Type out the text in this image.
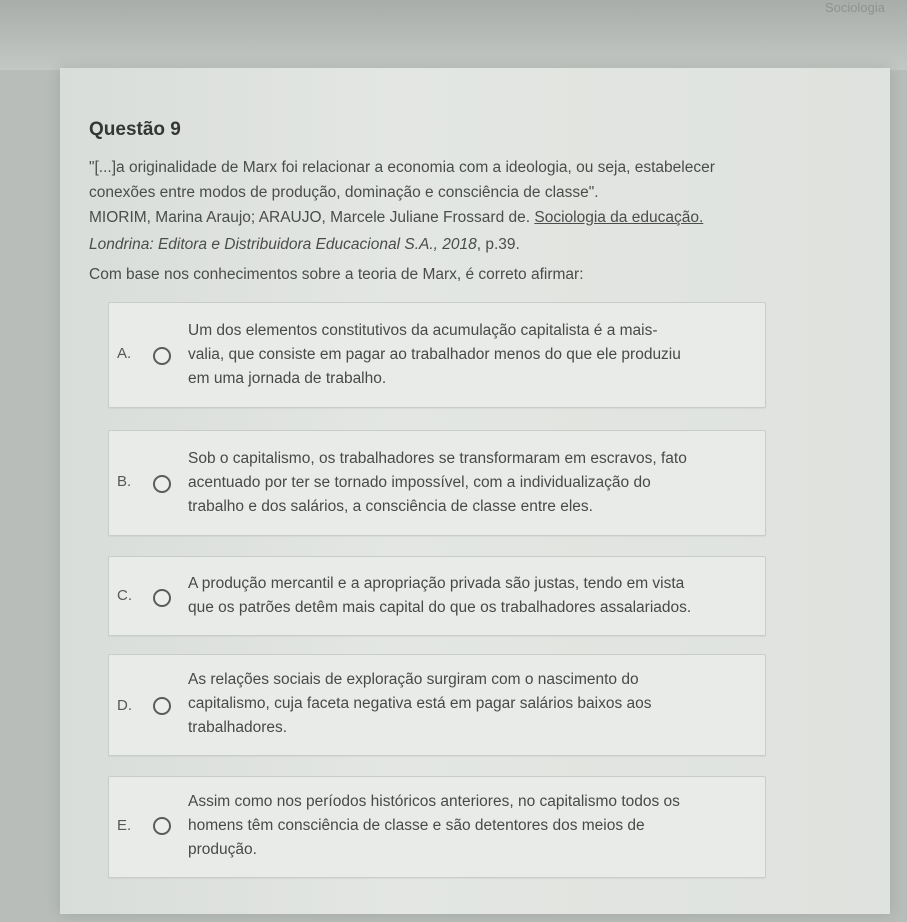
Sociologia
Questão 9
"[...]a originalidade de Marx foi relacionar a economia com a ideologia, ou seja, estabelecer
conexões entre modos de produção, dominação e consciência de classe".
MIORIM, Marina Araujo; ARAUJO, Marcele Juliane Frossard de. Sociologia da educação.
Londrina: Editora e Distribuidora Educacional S.A., 2018, p.39.
Com base nos conhecimentos sobre a teoria de Marx, é correto afirmar:
A.
Um dos elementos constitutivos da acumulação capitalista é a mais-
valia, que consiste em pagar ao trabalhador menos do que ele produziu
em uma jornada de trabalho.
B.
Sob o capitalismo, os trabalhadores se transformaram em escravos, fato
acentuado por ter se tornado impossível, com a individualização do
trabalho e dos salários, a consciência de classe entre eles.
C.
A produção mercantil e a apropriação privada são justas, tendo em vista
que os patrões detêm mais capital do que os trabalhadores assalariados.
D.
As relações sociais de exploração surgiram com o nascimento do
capitalismo, cuja faceta negativa está em pagar salários baixos aos
trabalhadores.
E.
Assim como nos períodos históricos anteriores, no capitalismo todos os
homens têm consciência de classe e são detentores dos meios de
produção.
